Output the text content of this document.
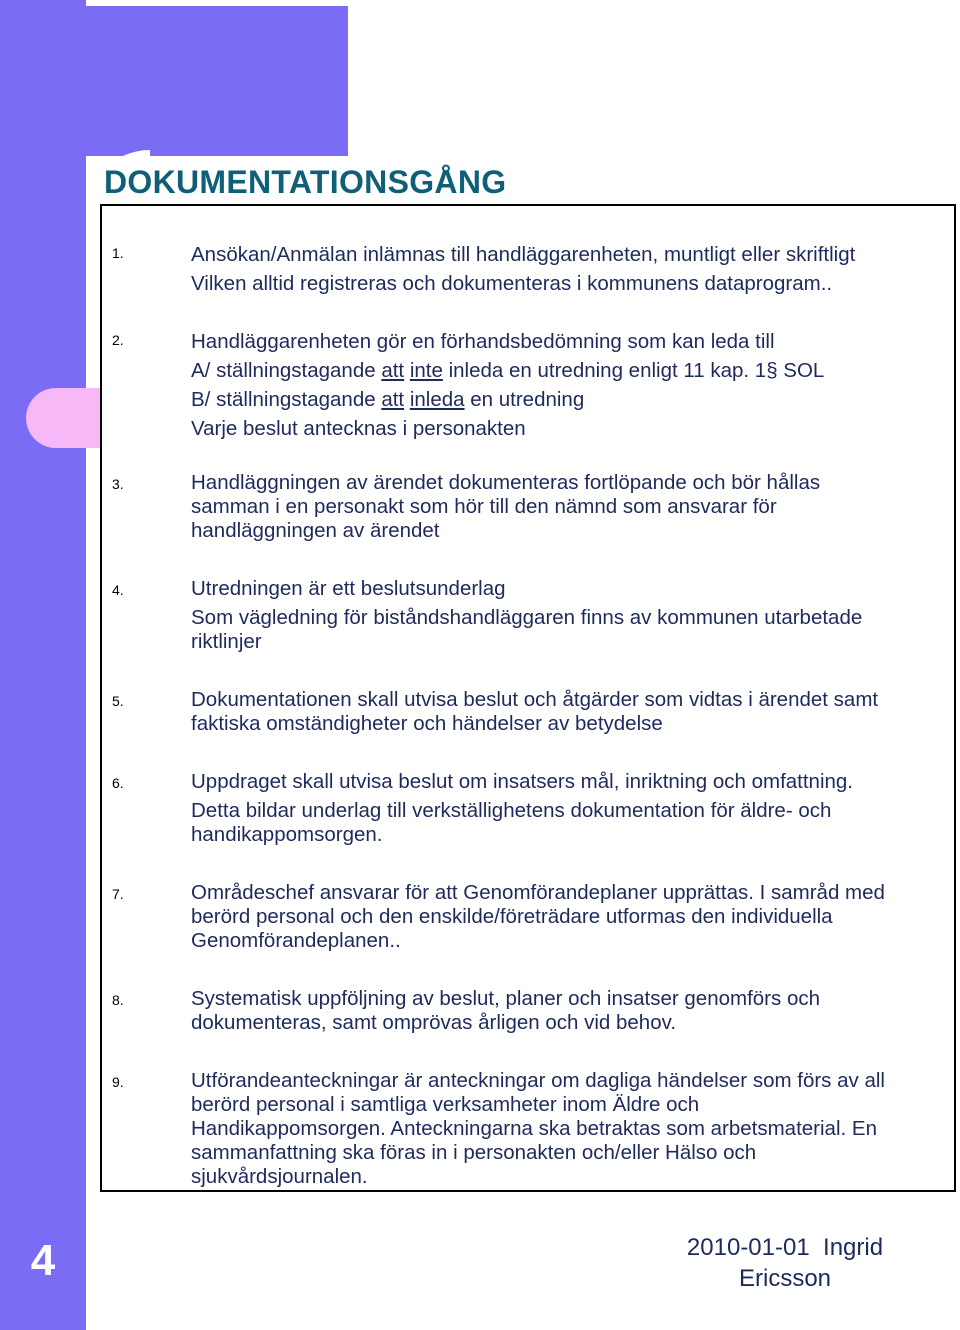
4
DOKUMENTATIONSGÅNG
1.	Ansökan/Anmälan inlämnas till handläggarenheten, muntligt eller skriftligt
Vilken alltid registreras och dokumenteras i kommunens dataprogram..
2.	Handläggarenheten gör en förhandsbedömning som kan leda till
A/ ställningstagande att inte inleda en utredning enligt 11 kap. 1§ SOL
B/ ställningstagande att inleda en utredning
Varje beslut antecknas i personakten
3.	Handläggningen av ärendet dokumenteras fortlöpande och bör hållas
samman i en personakt som hör till den nämnd som ansvarar för
handläggningen av ärendet
4.	Utredningen är ett beslutsunderlag
Som vägledning för biståndshandläggaren finns av kommunen utarbetade
riktlinjer
5.	Dokumentationen skall utvisa beslut och åtgärder som vidtas i ärendet samt
faktiska omständigheter och händelser av betydelse
6.	Uppdraget skall utvisa beslut om insatsers mål, inriktning och omfattning.
Detta bildar underlag till verkställighetens dokumentation för äldre- och
handikappomsorgen.
7.	Områdeschef ansvarar för att Genomförandeplaner upprättas. I samråd med
berörd personal och den enskilde/företrädare utformas den individuella
Genomförandeplanen..
8.	Systematisk uppföljning av beslut, planer och insatser genomförs och
dokumenteras, samt omprövas årligen och vid behov.
9.	Utförandeanteckningar är anteckningar om dagliga händelser som förs av all
berörd personal i samtliga verksamheter inom Äldre och
Handikappomsorgen. Anteckningarna ska betraktas som arbetsmaterial. En
sammanfattning ska föras in i personakten och/eller Hälso och
sjukvårdsjournalen.
2010-01-01 Ingrid
Ericsson
